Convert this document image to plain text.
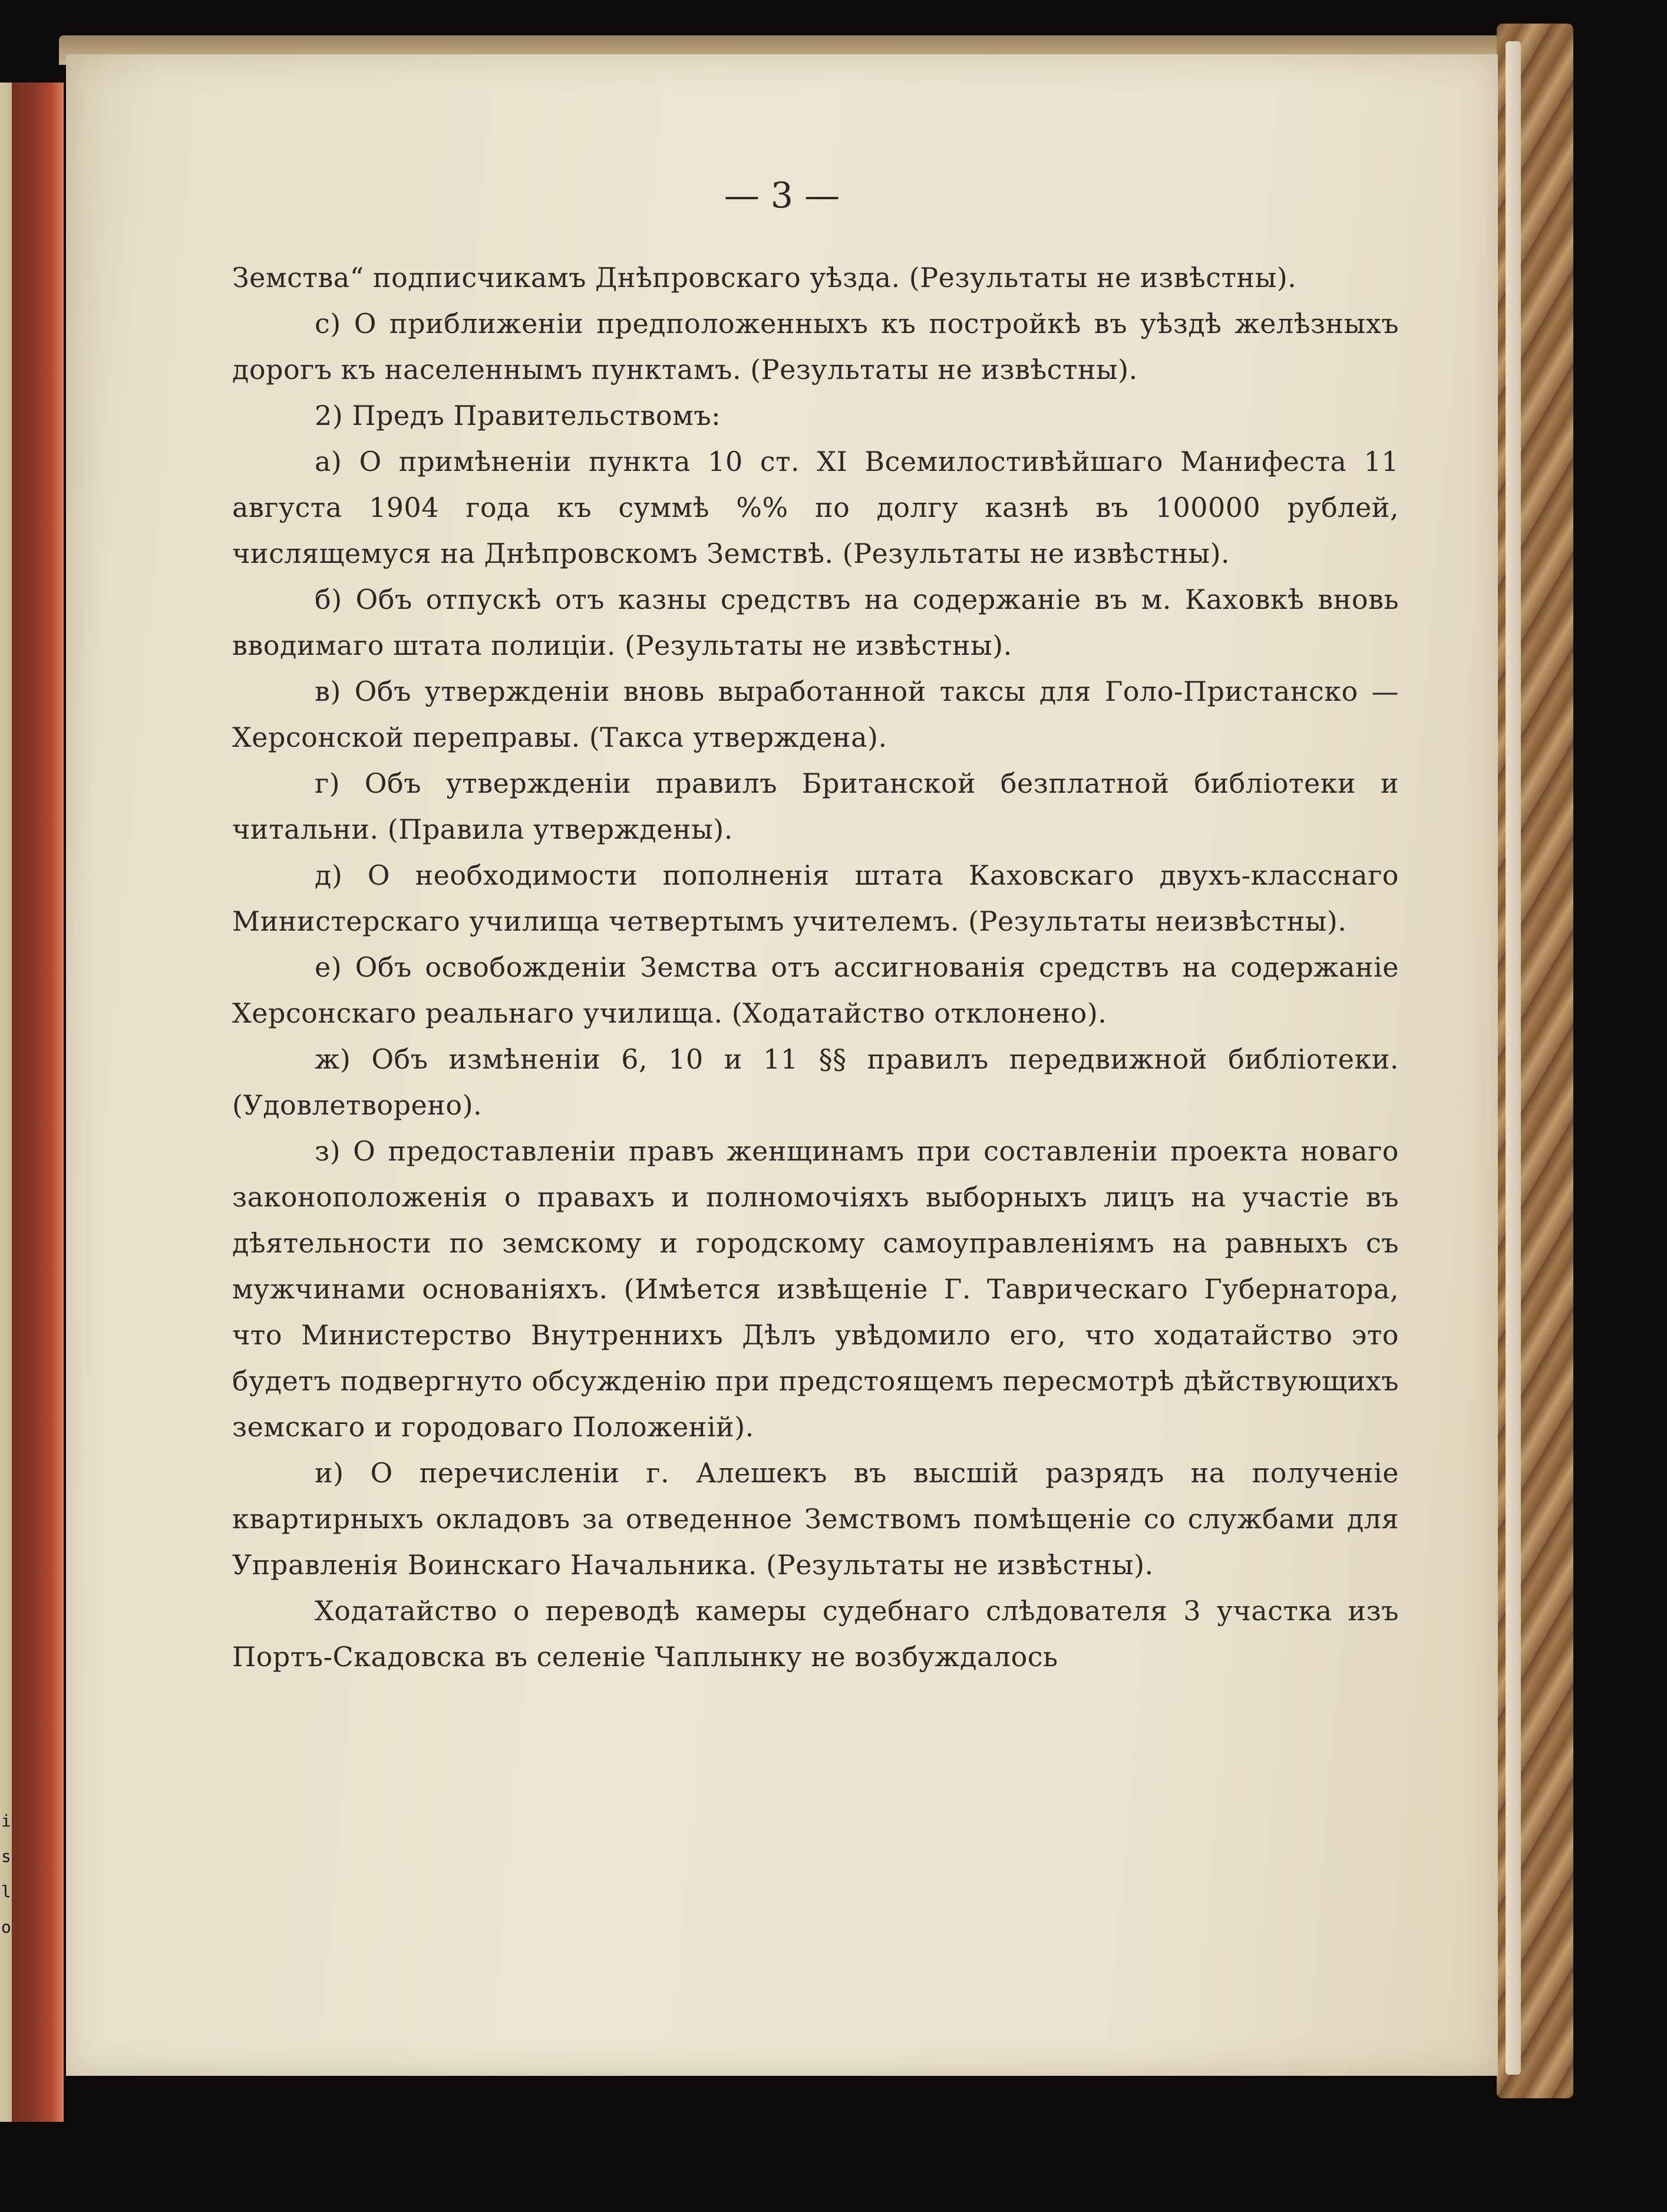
i
s
l
o
— 3 —

Земства“ подписчикамъ Днѣпровскаго уѣзда. (Результаты не извѣстны).

с) О приближеніи предположенныхъ къ постройкѣ въ уѣздѣ желѣзныхъ дорогъ къ населеннымъ пунктамъ. (Результаты не извѣстны).

2) Предъ Правительствомъ:

а) О примѣненіи пункта 10 ст. XI Всемилостивѣйшаго Манифеста 11 августа 1904 года къ суммѣ %% по долгу казнѣ въ 100000 рублей, числящемуся на Днѣпровскомъ Земствѣ. (Результаты не извѣстны).

б) Объ отпускѣ отъ казны средствъ на содержаніе въ м. Каховкѣ вновь вводимаго штата полиціи. (Результаты не извѣстны).

в) Объ утвержденіи вновь выработанной таксы для Голо-Пристанско —Херсонской переправы. (Такса утверждена).

г) Объ утвержденіи правилъ Британской безплатной библіотеки и читальни. (Правила утверждены).

д) О необходимости пополненія штата Каховскаго двухъ-класснаго Министерскаго училища четвертымъ учителемъ. (Результаты неизвѣстны).

е) Объ освобожденіи Земства отъ ассигнованія средствъ на содержаніе Херсонскаго реальнаго училища. (Ходатайство отклонено).

ж) Объ измѣненіи 6, 10 и 11 §§ правилъ передвижной библіотеки. (Удовлетворено).

з) О предоставленіи правъ женщинамъ при составленіи проекта новаго законоположенія о правахъ и полномочіяхъ выборныхъ лицъ на участіе въ дѣятельности по земскому и городскому самоуправленіямъ на равныхъ съ мужчинами основаніяхъ. (Имѣется извѣщеніе Г. Таврическаго Губернатора, что Министерство Внутреннихъ Дѣлъ увѣдомило его, что ходатайство это будетъ подвергнуто обсужденію при предстоящемъ пересмотрѣ дѣйствующихъ земскаго и городоваго Положеній).

и) О перечисленіи г. Алешекъ въ высшій разрядъ на полученіе квартирныхъ окладовъ за отведенное Земствомъ помѣщеніе со службами для Управленія Воинскаго Начальника. (Результаты не извѣстны).

Ходатайство о переводѣ камеры судебнаго слѣдователя 3 участка изъ Портъ-Скадовска въ селеніе Чаплынку не возбуждалось
